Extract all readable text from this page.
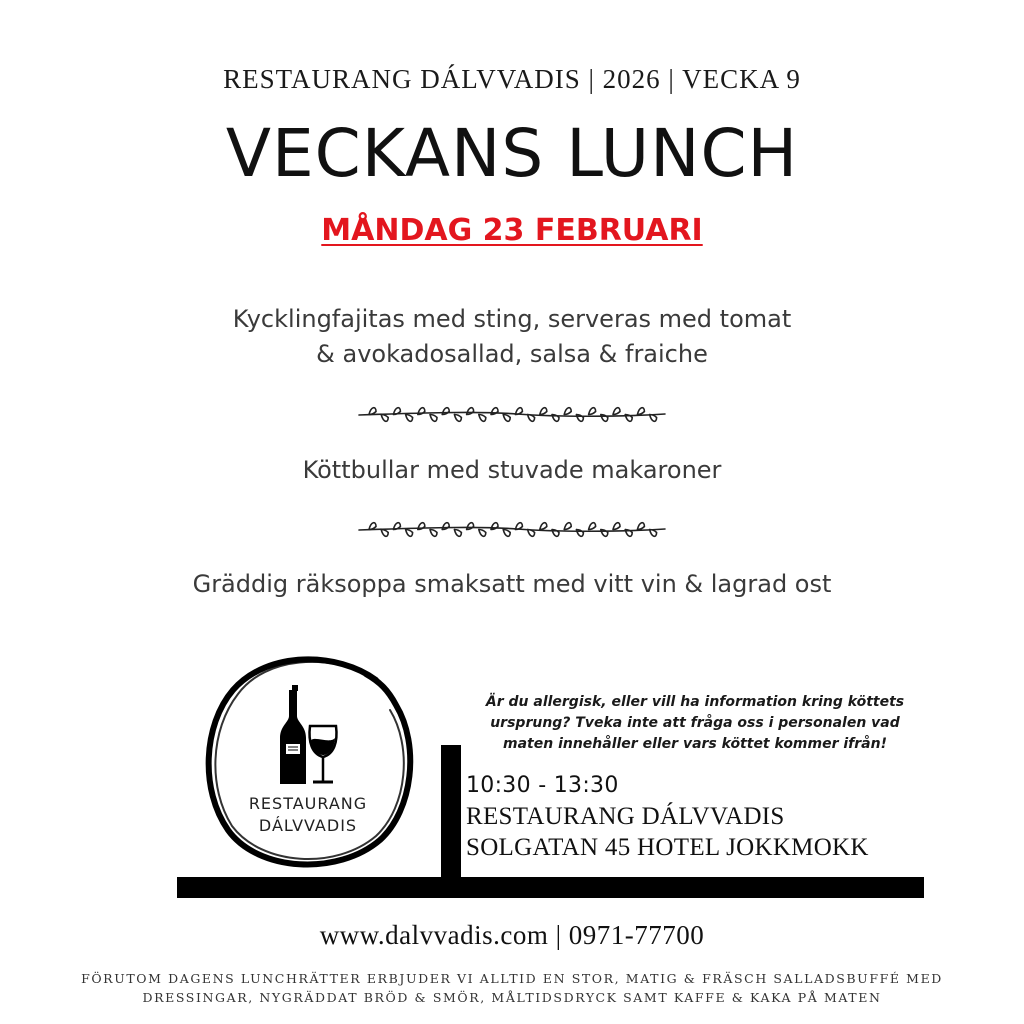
RESTAURANG DÁLVVADIS | 2026 | VECKA 9
VECKANS LUNCH
MÅNDAG 23 FEBRUARI
Kycklingfajitas med sting, serveras med tomat
& avokadosallad, salsa & fraiche
Köttbullar med stuvade makaroner
Gräddig räksoppa smaksatt med vitt vin & lagrad ost
RESTAURANG
DÁLVVADIS
Är du allergisk, eller vill ha information kring köttets
ursprung? Tveka inte att fråga oss i personalen vad
maten innehåller eller vars köttet kommer ifrån!
10:30 - 13:30
RESTAURANG DÁLVVADIS
SOLGATAN 45 HOTEL JOKKMOKK
www.dalvvadis.com | 0971-77700
FÖRUTOM DAGENS LUNCHRÄTTER ERBJUDER VI ALLTID EN STOR, MATIG & FRÄSCH SALLADSBUFFÉ MED
DRESSINGAR, NYGRÄDDAT BRÖD & SMÖR, MÅLTIDSDRYCK SAMT KAFFE & KAKA PÅ MATEN
